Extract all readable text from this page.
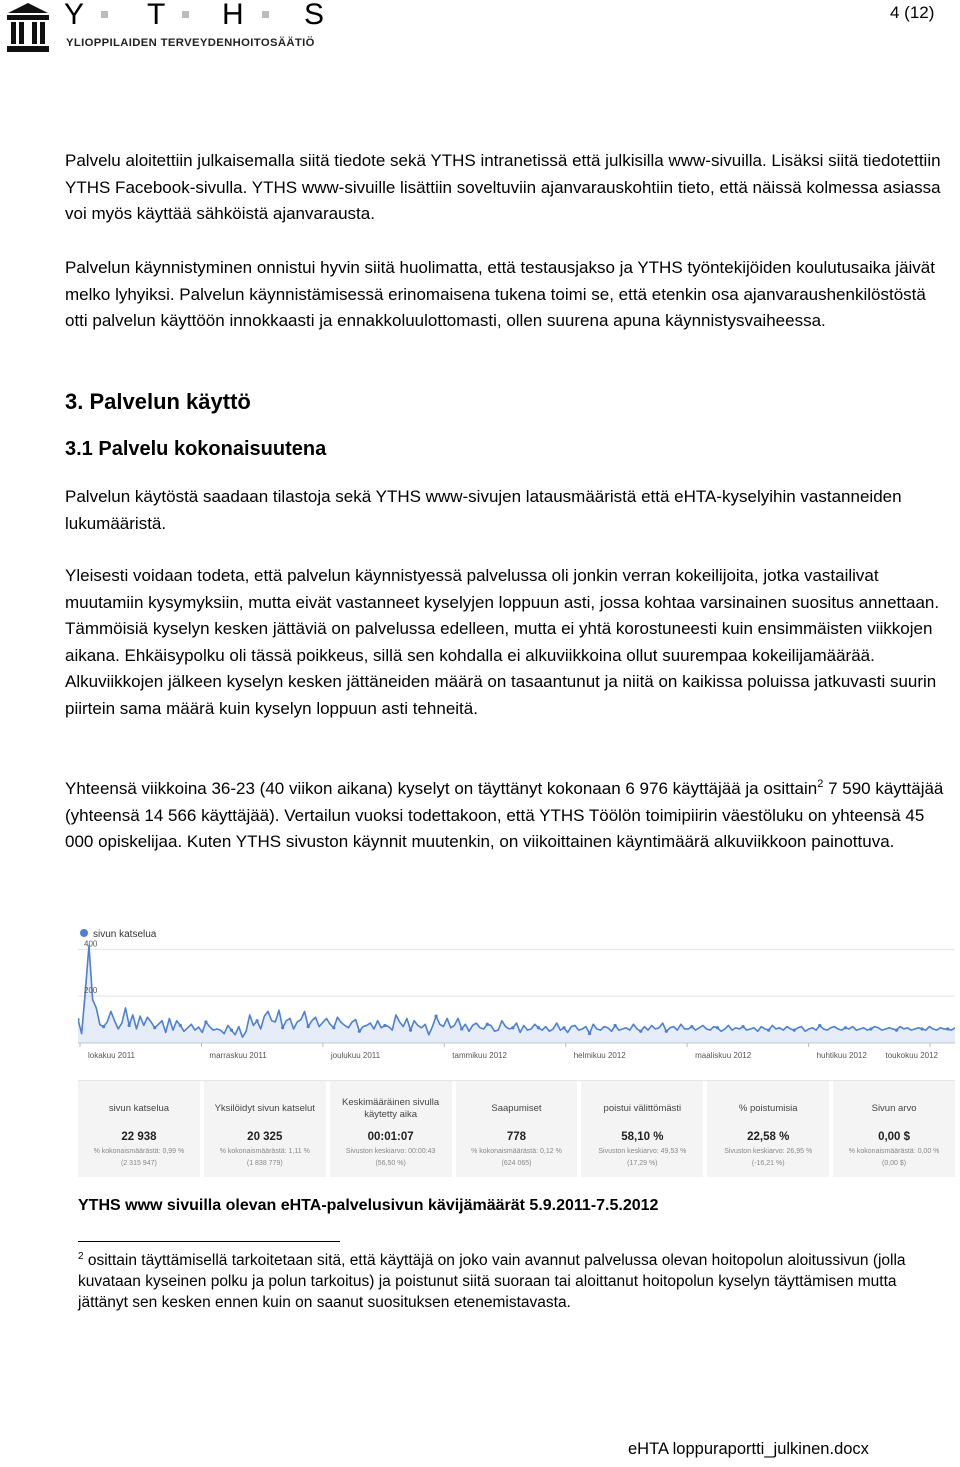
Y T H S
YLIOPPILAIDEN TERVEYDENHOITOSÄÄTIÖ
4 (12)

Palvelu aloitettiin julkaisemalla siitä tiedote sekä YTHS intranetissä että julkisilla www-sivuilla. Lisäksi siitä tiedotettiin YTHS Facebook-sivulla. YTHS www-sivuille lisättiin soveltuviin ajanvarauskohtiin tieto, että näissä kolmessa asiassa voi myös käyttää sähköistä ajanvarausta.

Palvelun käynnistyminen onnistui hyvin siitä huolimatta, että testausjakso ja YTHS työntekijöiden koulutusaika jäivät melko lyhyiksi. Palvelun käynnistämisessä erinomaisena tukena toimi se, että etenkin osa ajanvaraushenkilöstöstä otti palvelun käyttöön innokkaasti ja ennakkoluulottomasti, ollen suurena apuna käynnistysvaiheessa.

3. Palvelun käyttö
3.1 Palvelu kokonaisuutena

Palvelun käytöstä saadaan tilastoja sekä YTHS www-sivujen latausmääristä että eHTA-kyselyihin vastanneiden lukumääristä.

Yleisesti voidaan todeta, että palvelun käynnistyessä palvelussa oli jonkin verran kokeilijoita, jotka vastailivat muutamiin kysymyksiin, mutta eivät vastanneet kyselyjen loppuun asti, jossa kohtaa varsinainen suositus annettaan. Tämmöisiä kyselyn kesken jättäviä on palvelussa edelleen, mutta ei yhtä korostuneesti kuin ensimmäisten viikkojen aikana. Ehkäisypolku oli tässä poikkeus, sillä sen kohdalla ei alkuviikkoina ollut suurempaa kokeilijamäärää. Alkuviikkojen jälkeen kyselyn kesken jättäneiden määrä on tasaantunut ja niitä on kaikissa poluissa jatkuvasti suurin piirtein sama määrä kuin kyselyn loppuun asti tehneitä.

Yhteensä viikkoina 36-23 (40 viikon aikana) kyselyt on täyttänyt kokonaan 6 976 käyttäjää ja osittain$^2$ 7 590 käyttäjää (yhteensä 14 566 käyttäjää). Vertailun vuoksi todettakoon, että YTHS Töölön toimipiirin väestöluku on yhteensä 45 000 opiskelijaa. Kuten YTHS sivuston käynnit muutenkin, on viikoittainen käyntimäärä alkuviikkoon painottuva.

400
200
lokakuu 2011	marraskuu 2011	joulukuu 2011	tammikuu 2012	helmikuu 2012	maaliskuu 2012	huhtikuu 2012 toukokuu 2012
sivun katselua
sivun katselua
22 938
% kokonaismäärästä: 0,99 %
(2 315 947)
Yksilöidyt sivun katselut
20 325
% kokonaismäärästä: 1,11 %
(1 838 779)
Keskimääräinen sivulla käytetty aika
00:01:07
Sivuston keskiarvo: 00:00:43
(56,50 %)
Saapumiset
778
% kokonaismäärästä: 0,12 %
(624 065)
poistui välittömästi
58,10 %
Sivuston keskiarvo: 49,53 %
(17,29 %)
% poistumisia
22,58 %
Sivuston keskiarvo: 26,95 %
(-16,21 %)
Sivun arvo
0,00 $
% kokonaismäärästä: 0,00 %
(0,00 $)
YTHS www sivuilla olevan eHTA-palvelusivun kävijämäärät 5.9.2011-7.5.2012

$^2$ osittain täyttämisellä tarkoitetaan sitä, että käyttäjä on joko vain avannut palvelussa olevan hoitopolun aloitussivun (jolla kuvataan kyseinen polku ja polun tarkoitus) ja poistunut siitä suoraan tai aloittanut hoitopolun kyselyn täyttämisen mutta jättänyt sen kesken ennen kuin on saanut suosituksen etenemistavasta.

eHTA loppuraportti_julkinen.docx
